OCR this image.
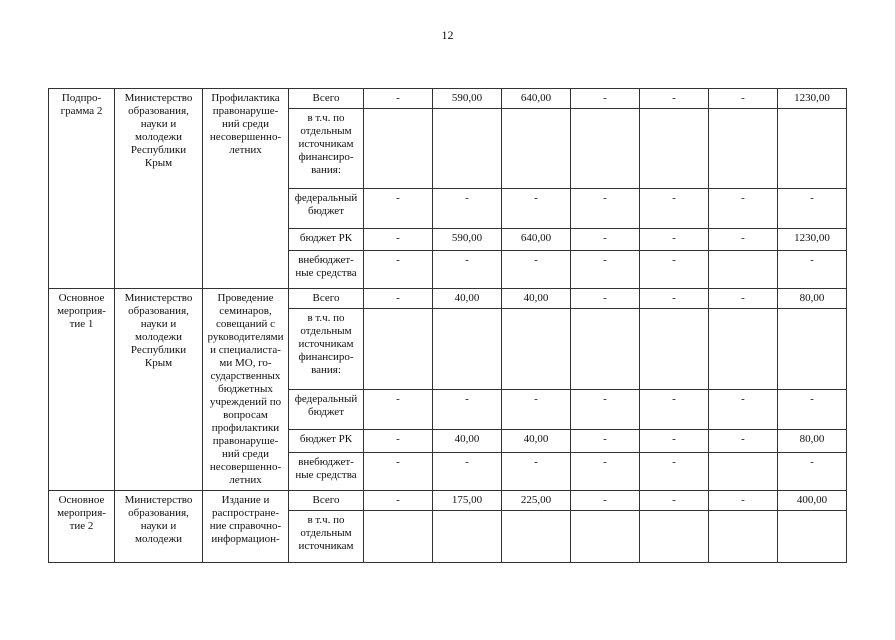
12
Подпро-грамма 2	Министерство образования, науки и молодежи Республики Крым	Профилактика правонаруше-ний среди несовершенно-летних	Всего	-	590,00	640,00	-	-	-	1230,00
			в т.ч. по отдельным источникам финансиро-вания:							
			федеральный бюджет	-	-	-	-	-	-	-
			бюджет РК	-	590,00	640,00	-	-	-	1230,00
			внебюджет-ные средства	-	-	-	-	-		-
Основное мероприя-тие 1	Министерство образования, науки и молодежи Республики Крым	Проведение семинаров, совещаний с руководителями и специалиста-ми МО, го-сударственных бюджетных учреждений по вопросам профилактики правонаруше-ний среди несовершенно-летних	Всего	-	40,00	40,00	-	-	-	80,00
			в т.ч. по отдельным источникам финансиро-вания:							
			федеральный бюджет	-	-	-	-	-	-	-
			бюджет РК	-	40,00	40,00	-	-	-	80,00
			внебюджет-ные средства	-	-	-	-	-		-
Основное мероприя-тие 2	Министерство образования, науки и молодежи	Издание и распростране-ние справочно-информацион-	Всего	-	175,00	225,00	-	-	-	400,00
			в т.ч. по отдельным источникам							
